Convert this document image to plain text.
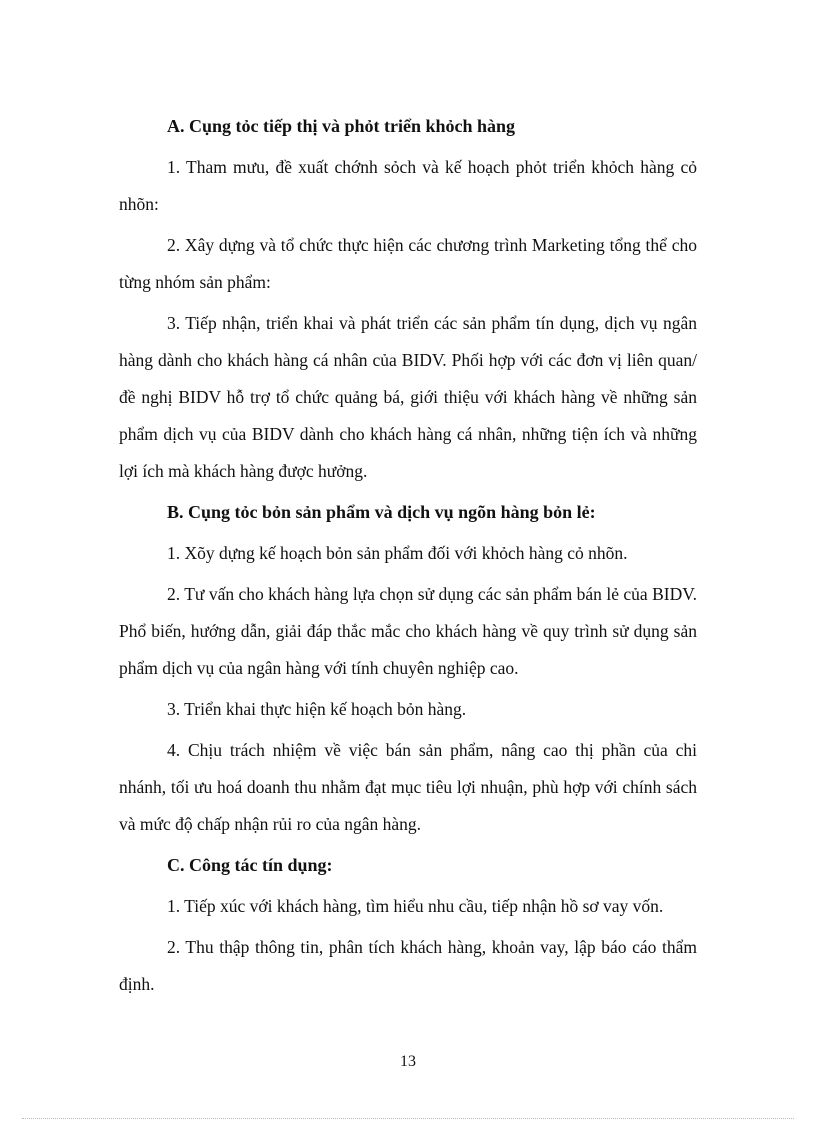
A. Cụng tỏc tiếp thị và phỏt triển khỏch hàng

1. Tham mưu, đề xuất chớnh sỏch và kế hoạch phỏt triển khỏch hàng cỏ nhõn:

2. Xây dựng và tổ chức thực hiện các chương trình Marketing tổng thể cho từng nhóm sản phẩm:

3. Tiếp nhận, triển khai và phát triển các sản phẩm tín dụng, dịch vụ ngân hàng dành cho khách hàng cá nhân của BIDV. Phối hợp với các đơn vị liên quan/ đề nghị BIDV hỗ trợ tổ chức quảng bá, giới thiệu với khách hàng về những sản phẩm dịch vụ của BIDV dành cho khách hàng cá nhân, những tiện ích và những lợi ích mà khách hàng được hưởng.

B. Cụng tỏc bỏn sản phẩm và dịch vụ ngõn hàng bỏn lẻ:

1. Xõy dựng kế hoạch bỏn sản phẩm đối với khỏch hàng cỏ nhõn.

2. Tư vấn cho khách hàng lựa chọn sử dụng các sản phẩm bán lẻ của BIDV. Phổ biến, hướng dẫn, giải đáp thắc mắc cho khách hàng về quy trình sử dụng sản phẩm dịch vụ của ngân hàng với tính chuyên nghiệp cao.

3. Triển khai thực hiện kế hoạch bỏn hàng.

4. Chịu trách nhiệm về việc bán sản phẩm, nâng cao thị phần của chi nhánh, tối ưu hoá doanh thu nhằm đạt mục tiêu lợi nhuận, phù hợp với chính sách và mức độ chấp nhận rủi ro của ngân hàng.

C. Công tác tín dụng:

1. Tiếp xúc với khách hàng, tìm hiểu nhu cầu, tiếp nhận hồ sơ vay vốn.

2. Thu thập thông tin, phân tích khách hàng, khoản vay, lập báo cáo thẩm định.

13
